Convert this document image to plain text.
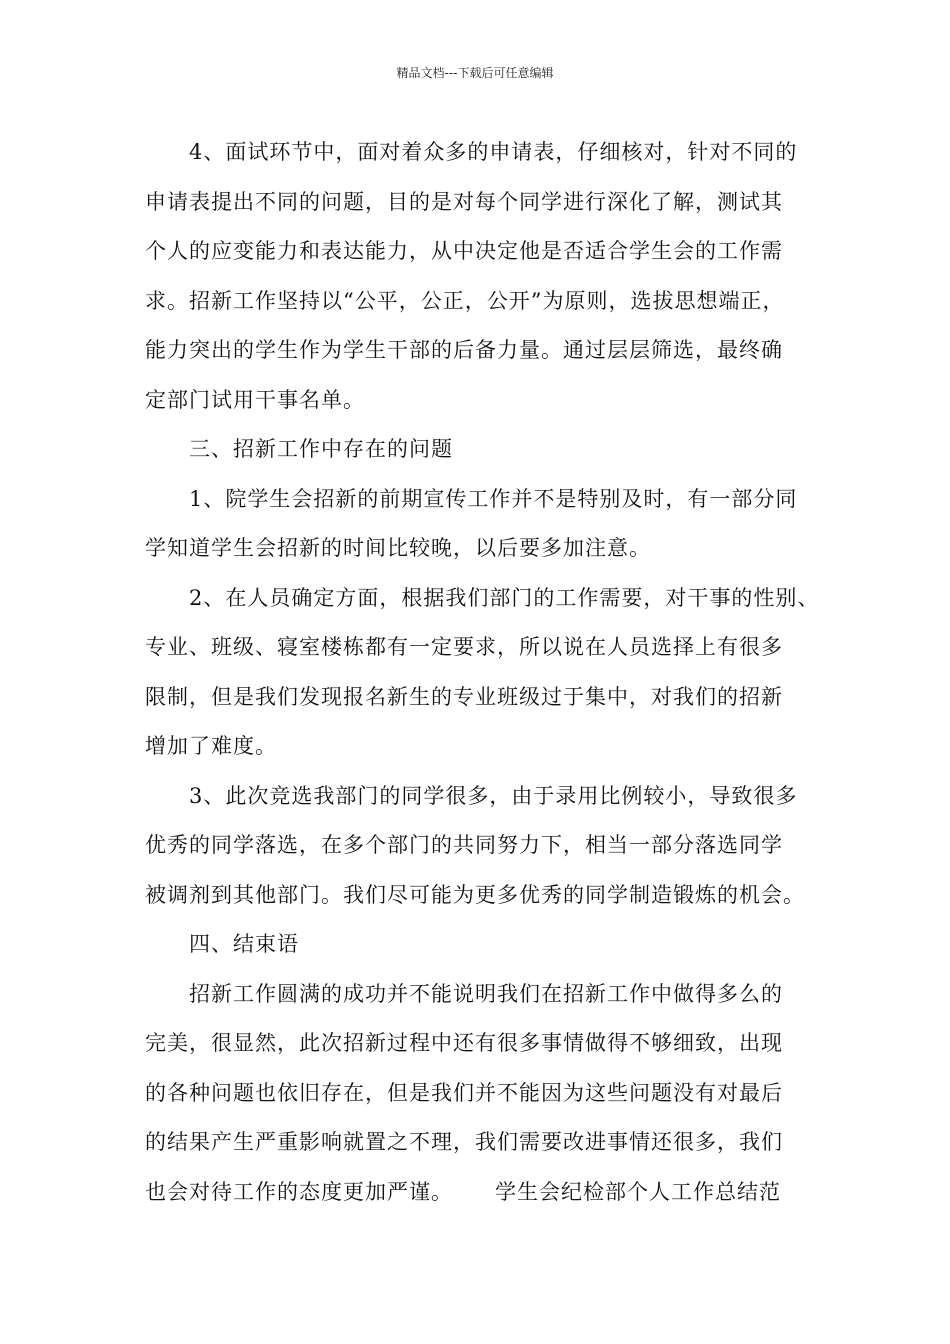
精品文档---下载后可任意编辑
4、面试环节中，面对着众多的申请表，仔细核对，针对不同的
申请表提出不同的问题，目的是对每个同学进行深化了解，测试其
个人的应变能力和表达能力，从中决定他是否适合学生会的工作需
求。招新工作坚持以“公平，公正，公开”为原则，选拔思想端正，
能力突出的学生作为学生干部的后备力量。通过层层筛选，最终确
定部门试用干事名单。
三、招新工作中存在的问题
1、院学生会招新的前期宣传工作并不是特别及时，有一部分同
学知道学生会招新的时间比较晚，以后要多加注意。
2、在人员确定方面，根据我们部门的工作需要，对干事的性别、
专业、班级、寝室楼栋都有一定要求，所以说在人员选择上有很多
限制，但是我们发现报名新生的专业班级过于集中，对我们的招新
增加了难度。
3、此次竞选我部门的同学很多，由于录用比例较小，导致很多
优秀的同学落选，在多个部门的共同努力下，相当一部分落选同学
被调剂到其他部门。我们尽可能为更多优秀的同学制造锻炼的机会。
四、结束语
招新工作圆满的成功并不能说明我们在招新工作中做得多么的
完美，很显然，此次招新过程中还有很多事情做得不够细致，出现
的各种问题也依旧存在，但是我们并不能因为这些问题没有对最后
的结果产生严重影响就置之不理，我们需要改进事情还很多，我们
也会对待工作的态度更加严谨。 学生会纪检部个人工作总结范
